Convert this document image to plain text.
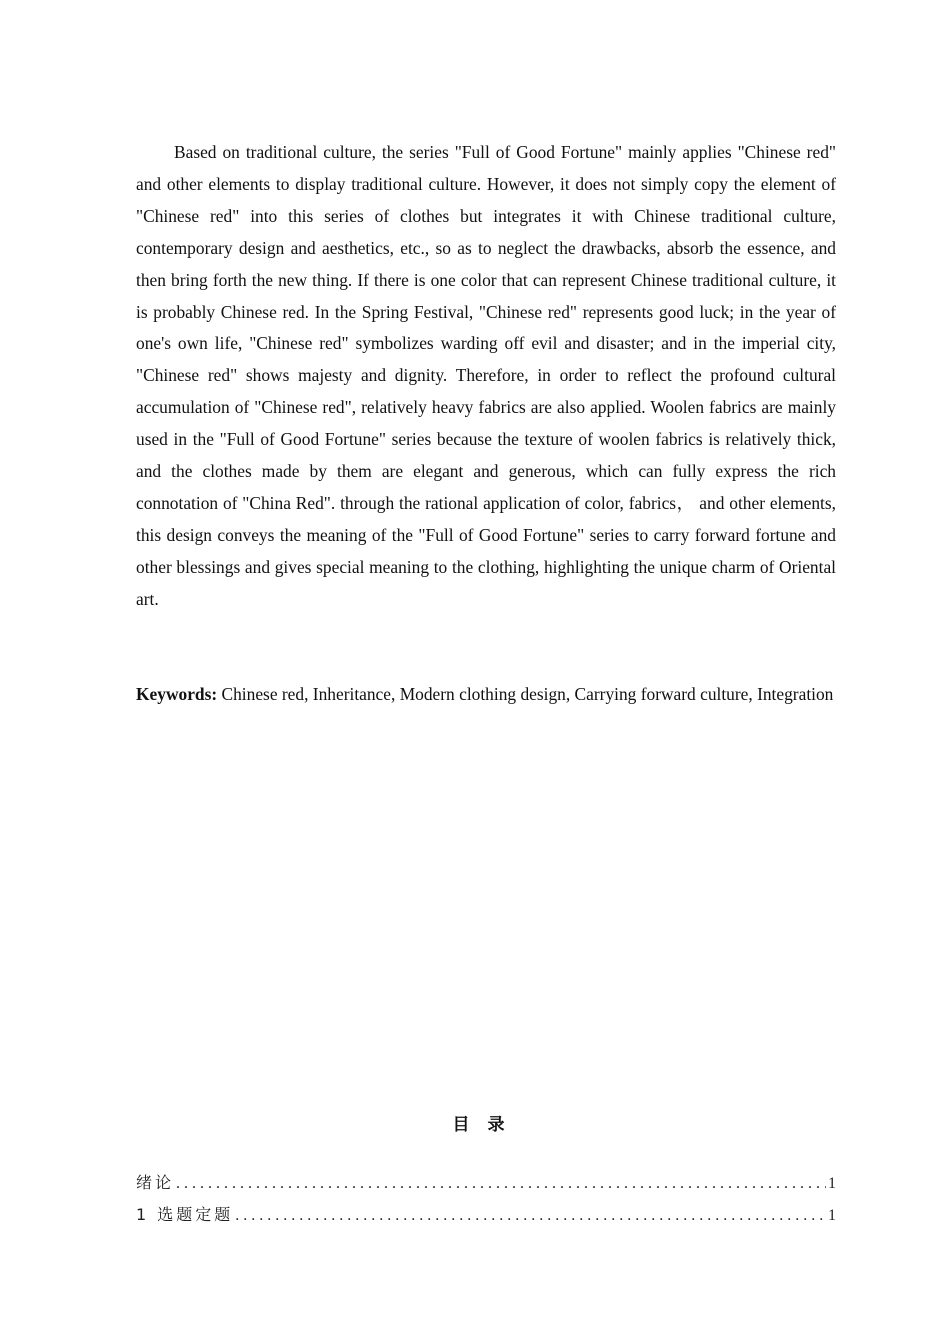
Based on traditional culture, the series "Full of Good Fortune" mainly applies "Chinese red" and other elements to display traditional culture. However, it does not simply copy the element of "Chinese red" into this series of clothes but integrates it with Chinese traditional culture, contemporary design and aesthetics, etc., so as to neglect the drawbacks, absorb the essence, and then bring forth the new thing. If there is one color that can represent Chinese traditional culture, it is probably Chinese red. In the Spring Festival, "Chinese red" represents good luck; in the year of one's own life, "Chinese red" symbolizes warding off evil and disaster; and in the imperial city, "Chinese red" shows majesty and dignity. Therefore, in order to reflect the profound cultural accumulation of "Chinese red", relatively heavy fabrics are also applied. Woolen fabrics are mainly used in the "Full of Good Fortune" series because the texture of woolen fabrics is relatively thick, and the clothes made by them are elegant and generous, which can fully express the rich connotation of "China Red". through the rational application of color, fabrics， and other elements, this design conveys the meaning of the "Full of Good Fortune" series to carry forward fortune and other blessings and gives special meaning to the clothing, highlighting the unique charm of Oriental art.

Keywords: Chinese red, Inheritance, Modern clothing design, Carrying forward culture, Integration

目录
绪论 . . .	1
1 选题定题 . . .	1
